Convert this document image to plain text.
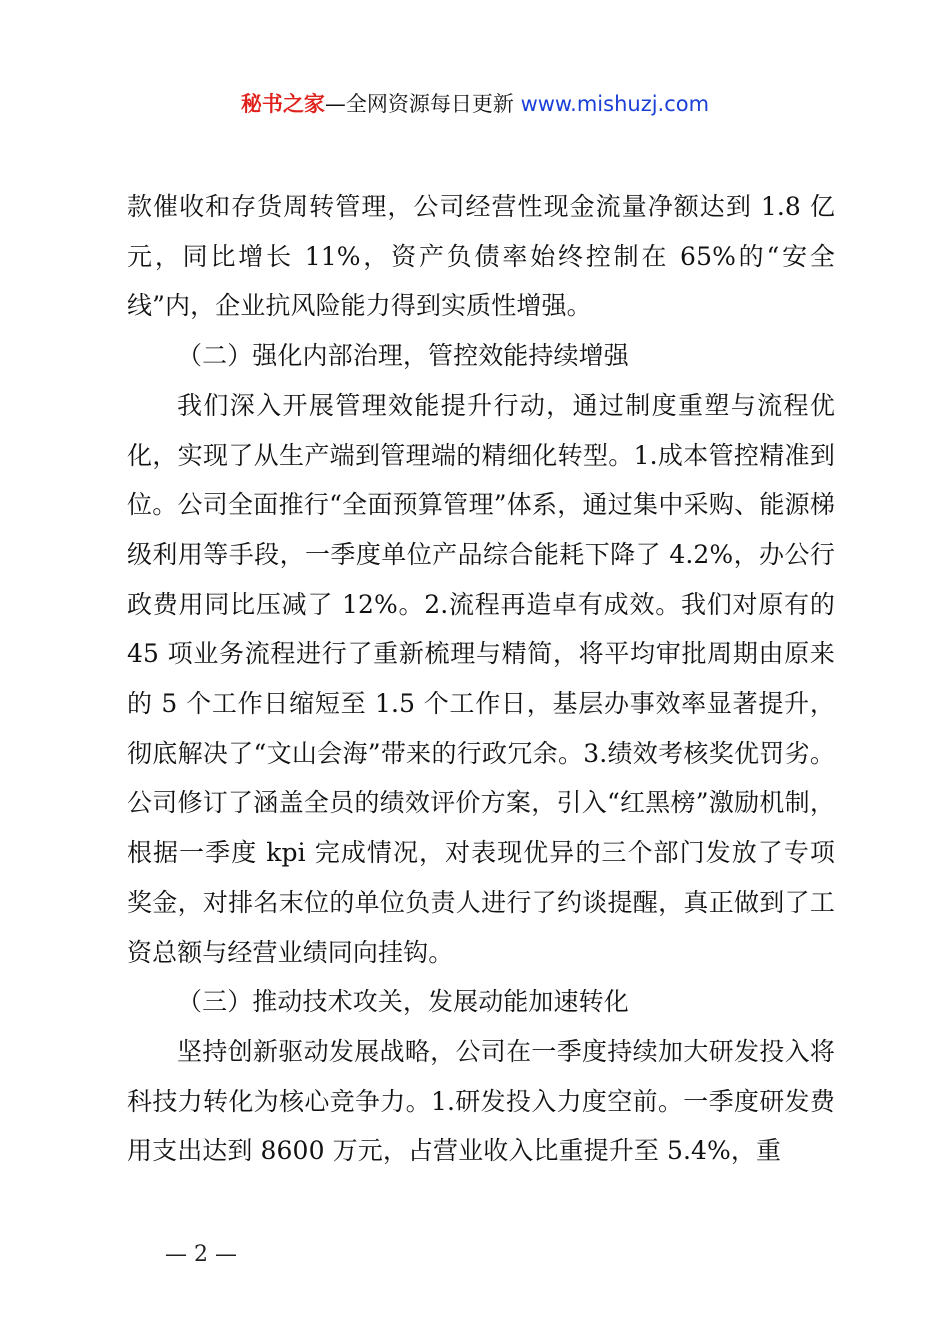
秘书之家—全网资源每日更新 www.mishuzj.com

款催收和存货周转管理，公司经营性现金流量净额达到 1.8 亿元，同比增长 11%，资产负债率始终控制在 65%的“安全线”内，企业抗风险能力得到实质性增强。

（二）强化内部治理，管控效能持续增强

我们深入开展管理效能提升行动，通过制度重塑与流程优化，实现了从生产端到管理端的精细化转型。1.成本管控精准到位。公司全面推行“全面预算管理”体系，通过集中采购、能源梯级利用等手段，一季度单位产品综合能耗下降了 4.2%，办公行政费用同比压减了 12%。2.流程再造卓有成效。我们对原有的 45 项业务流程进行了重新梳理与精简，将平均审批周期由原来的 5 个工作日缩短至 1.5 个工作日，基层办事效率显著提升，彻底解决了“文山会海”带来的行政冗余。3.绩效考核奖优罚劣。公司修订了涵盖全员的绩效评价方案，引入“红黑榜”激励机制，根据一季度 kpi 完成情况，对表现优异的三个部门发放了专项奖金，对排名末位的单位负责人进行了约谈提醒，真正做到了工资总额与经营业绩同向挂钩。

（三）推动技术攻关，发展动能加速转化

坚持创新驱动发展战略，公司在一季度持续加大研发投入将科技力转化为核心竞争力。1.研发投入力度空前。一季度研发费用支出达到 8600 万元，占营业收入比重提升至 5.4%，重

— 2 —
